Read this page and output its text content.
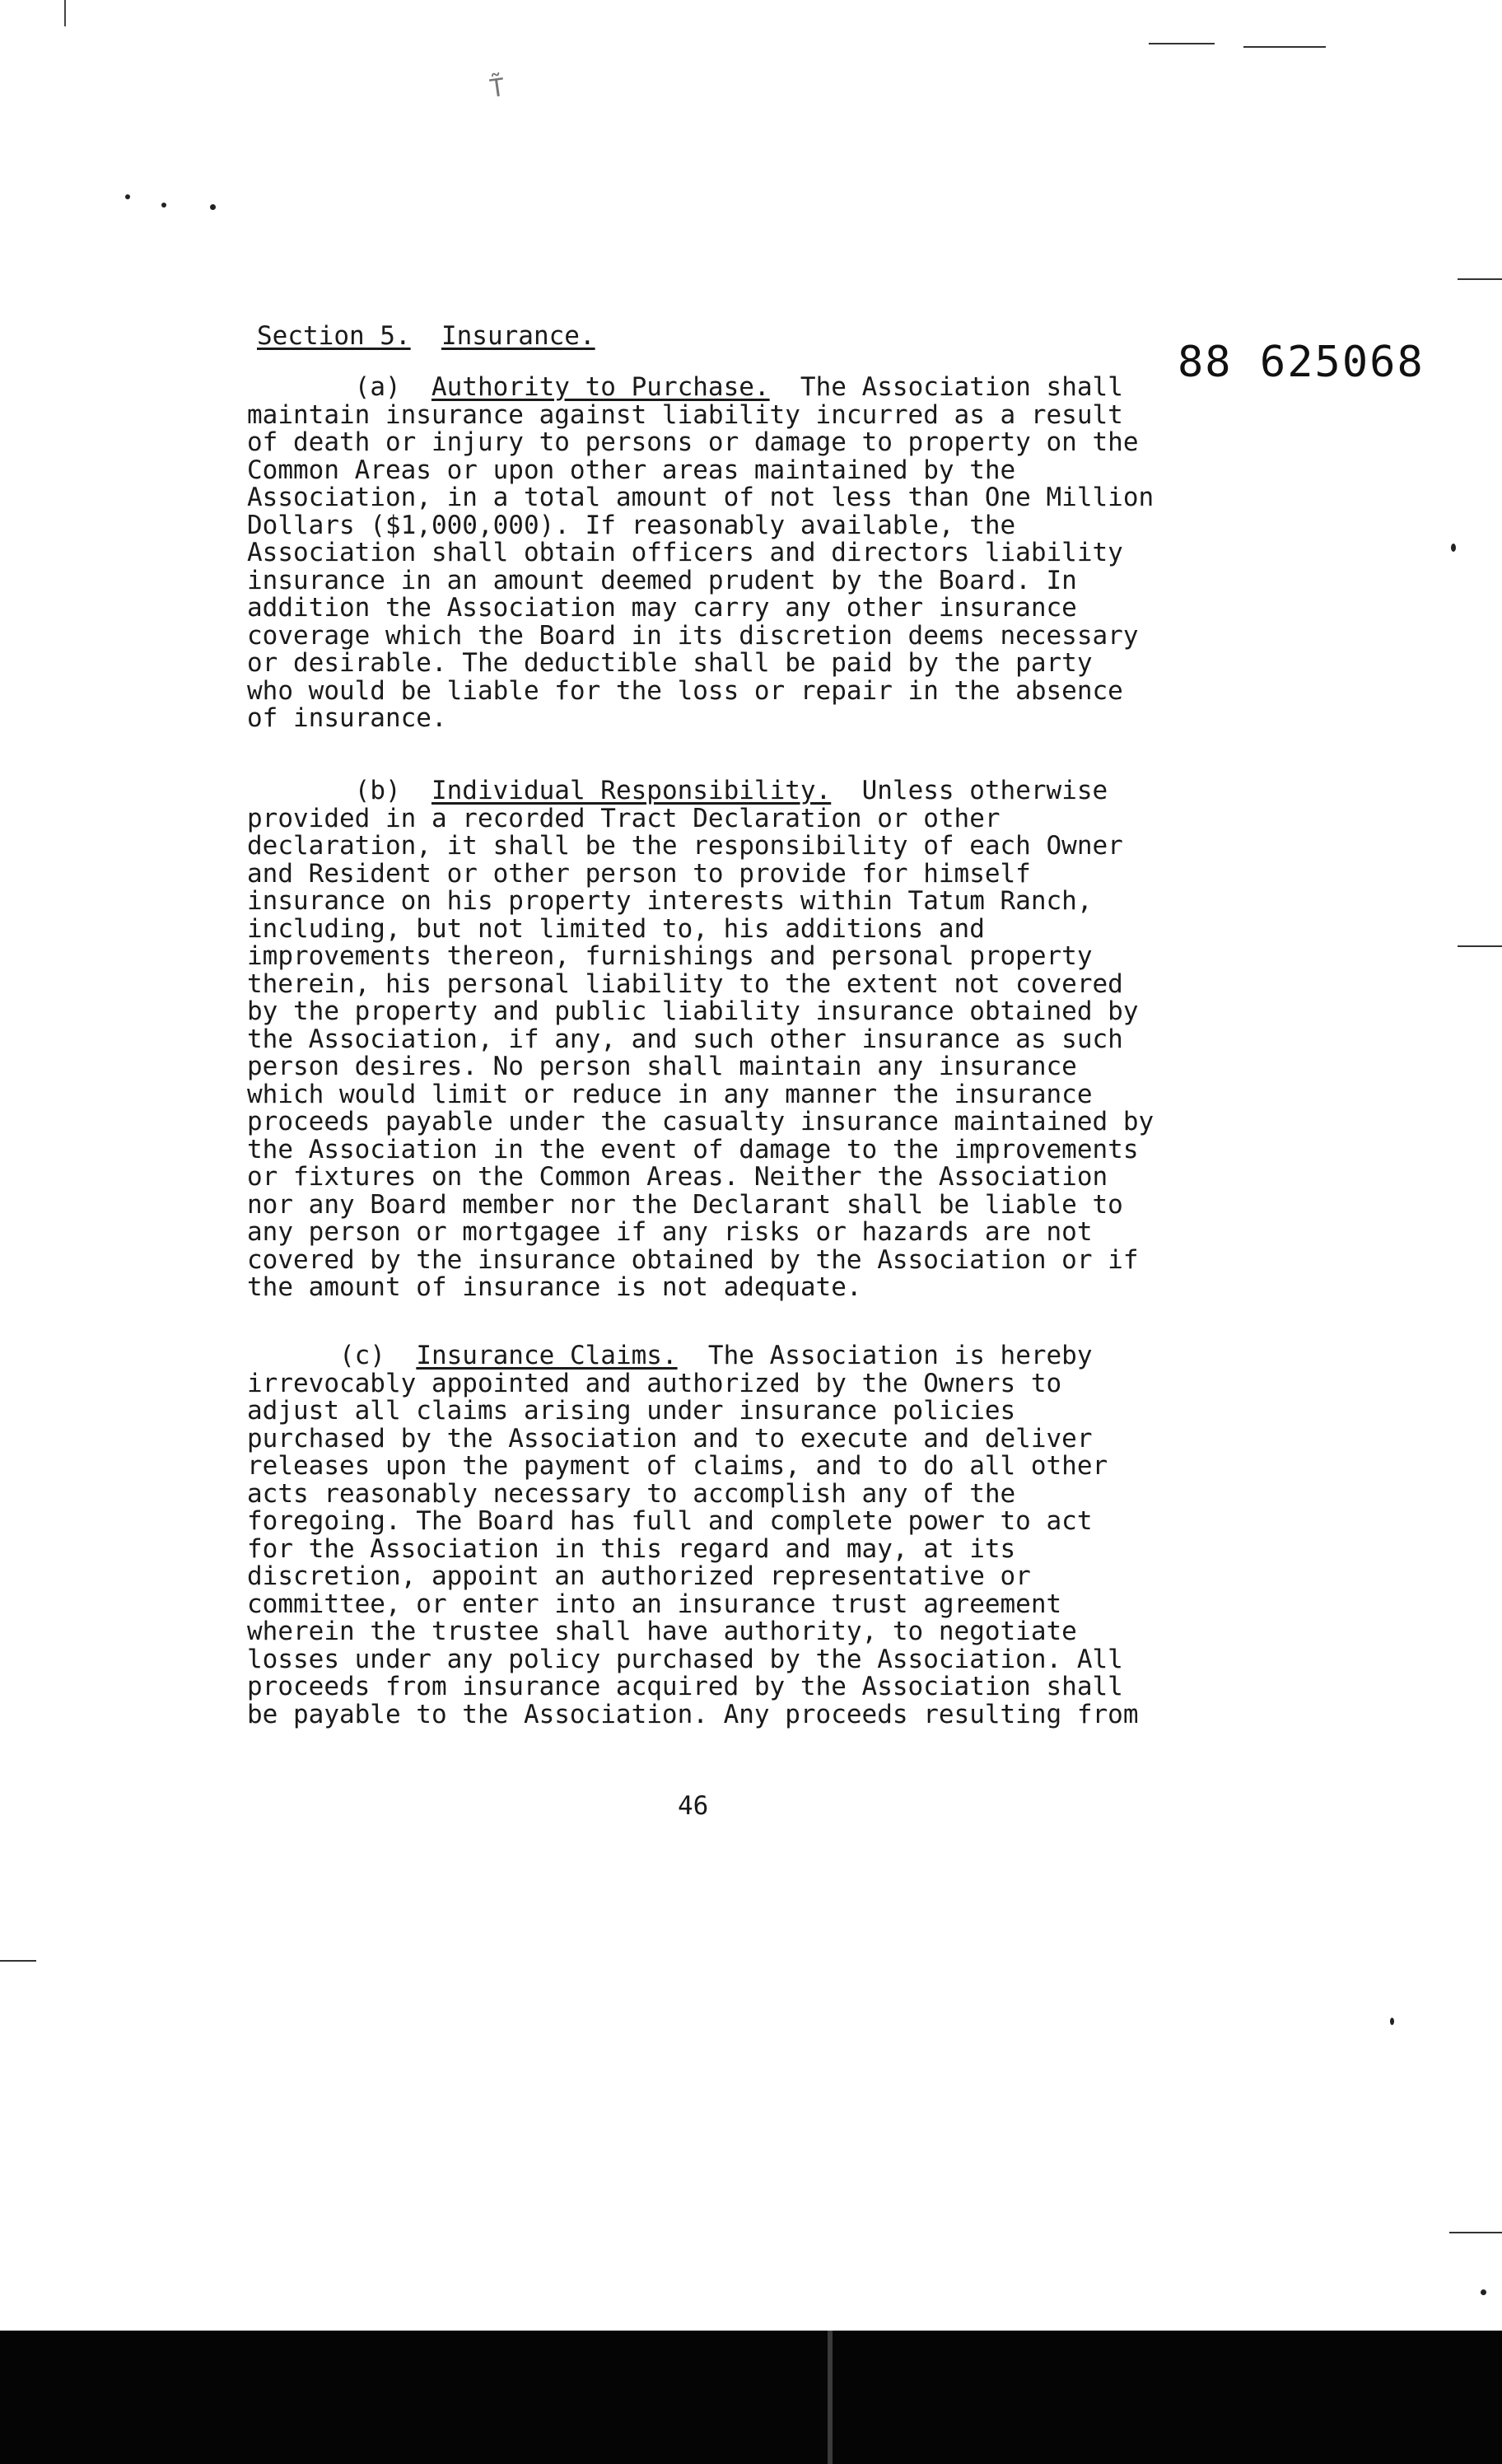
T̃
88 625068
Section 5. Insurance.
(a) Authority to Purchase. The Association shall
maintain insurance against liability incurred as a result
of death or injury to persons or damage to property on the
Common Areas or upon other areas maintained by the
Association, in a total amount of not less than One Million
Dollars ($1,000,000). If reasonably available, the
Association shall obtain officers and directors liability
insurance in an amount deemed prudent by the Board. In
addition the Association may carry any other insurance
coverage which the Board in its discretion deems necessary
or desirable. The deductible shall be paid by the party
who would be liable for the loss or repair in the absence
of insurance.
(b) Individual Responsibility. Unless otherwise
provided in a recorded Tract Declaration or other
declaration, it shall be the responsibility of each Owner
and Resident or other person to provide for himself
insurance on his property interests within Tatum Ranch,
including, but not limited to, his additions and
improvements thereon, furnishings and personal property
therein, his personal liability to the extent not covered
by the property and public liability insurance obtained by
the Association, if any, and such other insurance as such
person desires. No person shall maintain any insurance
which would limit or reduce in any manner the insurance
proceeds payable under the casualty insurance maintained by
the Association in the event of damage to the improvements
or fixtures on the Common Areas. Neither the Association
nor any Board member nor the Declarant shall be liable to
any person or mortgagee if any risks or hazards are not
covered by the insurance obtained by the Association or if
the amount of insurance is not adequate.
(c) Insurance Claims. The Association is hereby
irrevocably appointed and authorized by the Owners to
adjust all claims arising under insurance policies
purchased by the Association and to execute and deliver
releases upon the payment of claims, and to do all other
acts reasonably necessary to accomplish any of the
foregoing. The Board has full and complete power to act
for the Association in this regard and may, at its
discretion, appoint an authorized representative or
committee, or enter into an insurance trust agreement
wherein the trustee shall have authority, to negotiate
losses under any policy purchased by the Association. All
proceeds from insurance acquired by the Association shall
be payable to the Association. Any proceeds resulting from
46
